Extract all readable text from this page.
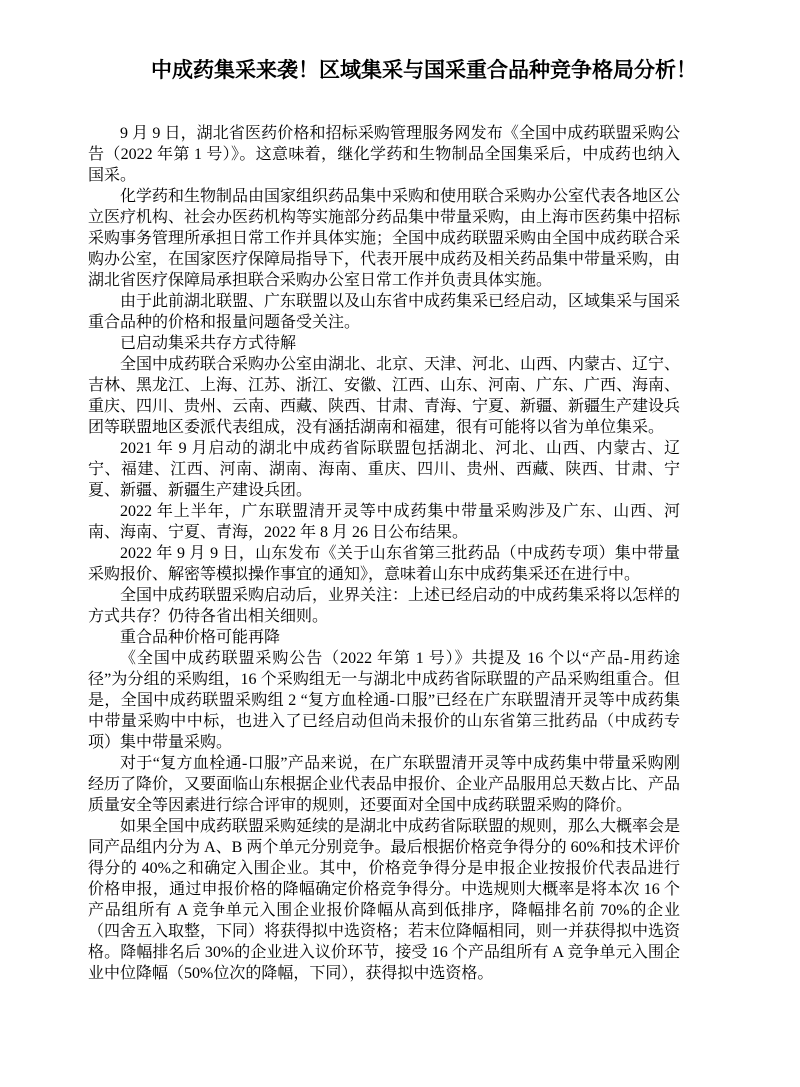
中成药集采来袭！区域集采与国采重合品种竞争格局分析！

9 月 9 日，湖北省医药价格和招标采购管理服务网发布《全国中成药联盟采购公告（2022 年第 1 号）》。这意味着，继化学药和生物制品全国集采后，中成药也纳入国采。

化学药和生物制品由国家组织药品集中采购和使用联合采购办公室代表各地区公立医疗机构、社会办医药机构等实施部分药品集中带量采购，由上海市医药集中招标采购事务管理所承担日常工作并具体实施；全国中成药联盟采购由全国中成药联合采购办公室，在国家医疗保障局指导下，代表开展中成药及相关药品集中带量采购，由湖北省医疗保障局承担联合采购办公室日常工作并负责具体实施。

由于此前湖北联盟、广东联盟以及山东省中成药集采已经启动，区域集采与国采重合品种的价格和报量问题备受关注。

已启动集采共存方式待解

全国中成药联合采购办公室由湖北、北京、天津、河北、山西、内蒙古、辽宁、吉林、黑龙江、上海、江苏、浙江、安徽、江西、山东、河南、广东、广西、海南、重庆、四川、贵州、云南、西藏、陕西、甘肃、青海、宁夏、新疆、新疆生产建设兵团等联盟地区委派代表组成，没有涵括湖南和福建，很有可能将以省为单位集采。

2021 年 9 月启动的湖北中成药省际联盟包括湖北、河北、山西、内蒙古、辽宁、福建、江西、河南、湖南、海南、重庆、四川、贵州、西藏、陕西、甘肃、宁夏、新疆、新疆生产建设兵团。

2022 年上半年，广东联盟清开灵等中成药集中带量采购涉及广东、山西、河南、海南、宁夏、青海，2022 年 8 月 26 日公布结果。

2022 年 9 月 9 日，山东发布《关于山东省第三批药品（中成药专项）集中带量采购报价、解密等模拟操作事宜的通知》，意味着山东中成药集采还在进行中。

全国中成药联盟采购启动后，业界关注：上述已经启动的中成药集采将以怎样的方式共存？仍待各省出相关细则。

重合品种价格可能再降

《全国中成药联盟采购公告（2022 年第 1 号）》共提及 16 个以“产品-用药途径”为分组的采购组，16 个采购组无一与湖北中成药省际联盟的产品采购组重合。但是，全国中成药联盟采购组 2 “复方血栓通-口服”已经在广东联盟清开灵等中成药集中带量采购中中标，也进入了已经启动但尚未报价的山东省第三批药品（中成药专项）集中带量采购。

对于“复方血栓通-口服”产品来说，在广东联盟清开灵等中成药集中带量采购刚经历了降价，又要面临山东根据企业代表品申报价、企业产品服用总天数占比、产品质量安全等因素进行综合评审的规则，还要面对全国中成药联盟采购的降价。

如果全国中成药联盟采购延续的是湖北中成药省际联盟的规则，那么大概率会是同产品组内分为 A、B 两个单元分别竞争。最后根据价格竞争得分的 60%和技术评价得分的 40%之和确定入围企业。其中，价格竞争得分是申报企业按报价代表品进行价格申报，通过申报价格的降幅确定价格竞争得分。中选规则大概率是将本次 16 个产品组所有 A 竞争单元入围企业报价降幅从高到低排序，降幅排名前 70%的企业（四舍五入取整，下同）将获得拟中选资格；若末位降幅相同，则一并获得拟中选资格。降幅排名后 30%的企业进入议价环节，接受 16 个产品组所有 A 竞争单元入围企业中位降幅（50%位次的降幅，下同），获得拟中选资格。
